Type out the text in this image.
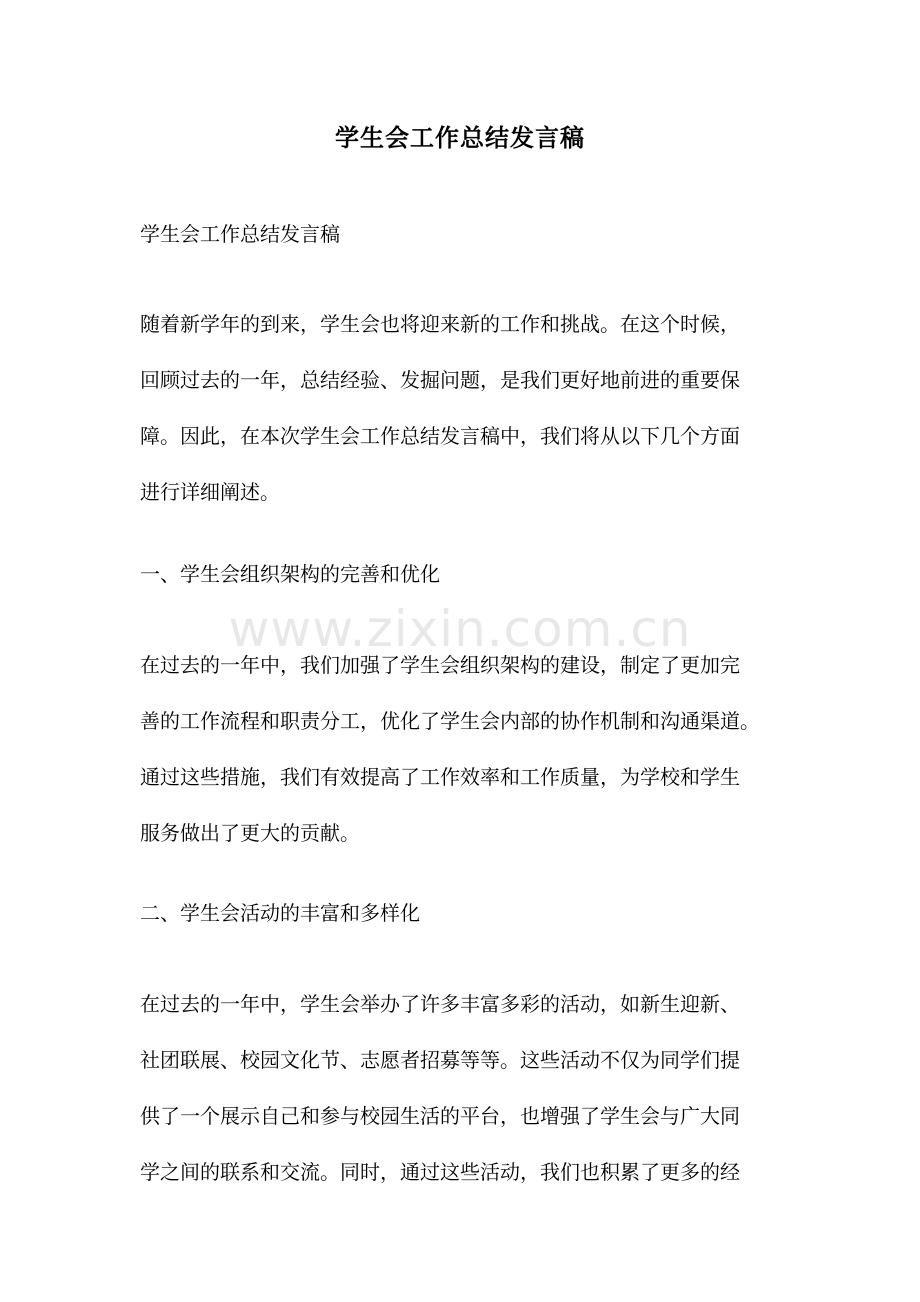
学生会工作总结发言稿

学生会工作总结发言稿

随着新学年的到来，学生会也将迎来新的工作和挑战。在这个时候，
回顾过去的一年，总结经验、发掘问题，是我们更好地前进的重要保
障。因此，在本次学生会工作总结发言稿中，我们将从以下几个方面
进行详细阐述。

一、学生会组织架构的完善和优化

在过去的一年中，我们加强了学生会组织架构的建设，制定了更加完
善的工作流程和职责分工，优化了学生会内部的协作机制和沟通渠道。
通过这些措施，我们有效提高了工作效率和工作质量，为学校和学生
服务做出了更大的贡献。

二、学生会活动的丰富和多样化

在过去的一年中，学生会举办了许多丰富多彩的活动，如新生迎新、
社团联展、校园文化节、志愿者招募等等。这些活动不仅为同学们提
供了一个展示自己和参与校园生活的平台，也增强了学生会与广大同
学之间的联系和交流。同时，通过这些活动，我们也积累了更多的经

www.zixin.com.cn
